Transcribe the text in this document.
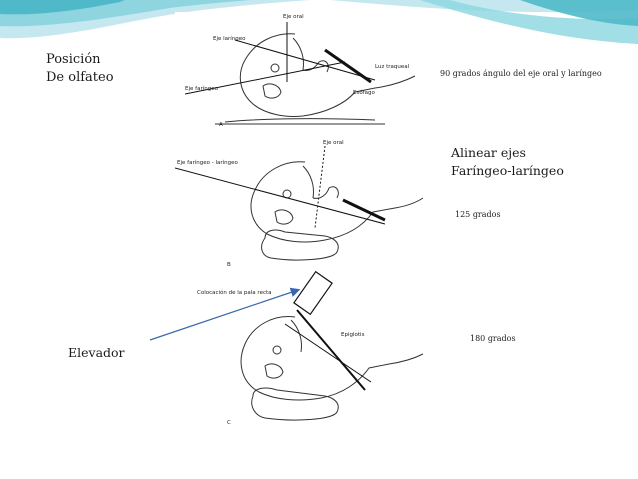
Eje oral
Eje laríngeo
Eje faríngeo
Luz traqueal
Esófago
A
Eje oral
Eje faríngeo - laríngeo
B
Colocación de la pala recta
Epiglotis
C
Posición
De olfateo	90 grados ángulo del eje oral y laríngeo
Alinear ejes
Faríngeo-laríngeo
125 grados
180 grados
Elevador
